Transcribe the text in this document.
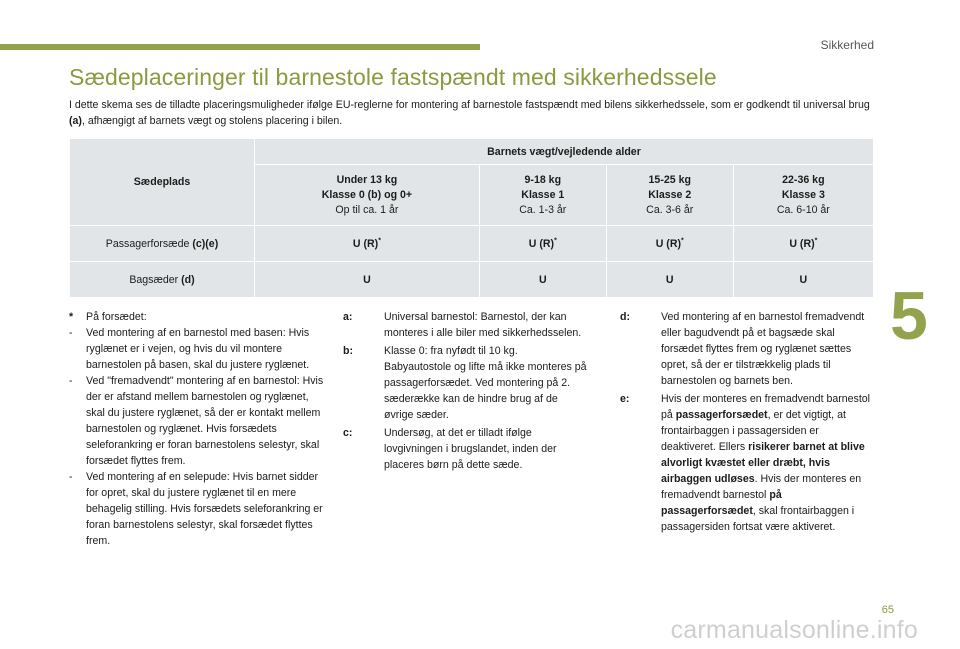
Sikkerhed
Sædeplaceringer til barnestole fastspændt med sikkerhedssele

I dette skema ses de tilladte placeringsmuligheder ifølge EU-reglerne for montering af barnestole fastspændt med bilens sikkerhedssele, som er godkendt til universal brug (a), afhængigt af barnets vægt og stolens placering i bilen.

Sædeplads	Barnets vægt/vejledende alder			
	Under 13 kg
Klasse 0 (b) og 0+
Op til ca. 1 år	9-18 kg
Klasse 1
Ca. 1-3 år	15-25 kg
Klasse 2
Ca. 3-6 år	22-36 kg
Klasse 3
Ca. 6-10 år
Passagerforsæde (c)(e)	U (R)*	U (R)*	U (R)*	U (R)*
Bagsæder (d)	U	U	U	U
* På forsædet:
- Ved montering af en barnestol med basen: Hvis ryglænet er i vejen, og hvis du vil montere barnestolen på basen, skal du justere ryglænet.
- Ved "fremadvendt" montering af en barnestol: Hvis der er afstand mellem barnestolen og ryglænet, skal du justere ryglænet, så der er kontakt mellem barnestolen og ryglænet. Hvis forsædets seleforankring er foran barnestolens selestyr, skal forsædet flyttes frem.
- Ved montering af en selepude: Hvis barnet sidder for opret, skal du justere ryglænet til en mere behagelig stilling. Hvis forsædets seleforankring er foran barnestolens selestyr, skal forsædet flyttes frem.
a:	Universal barnestol: Barnestol, der kan monteres i alle biler med sikkerhedsselen.
b:	Klasse 0: fra nyfødt til 10 kg. Babyautostole og lifte må ikke monteres på passagerforsædet. Ved montering på 2. sæderække kan de hindre brug af de øvrige sæder.
c:	Undersøg, at det er tilladt ifølge lovgivningen i brugslandet, inden der placeres børn på dette sæde.
d:	Ved montering af en barnestol fremadvendt eller bagudvendt på et bagsæde skal forsædet flyttes frem og ryglænet sættes opret, så der er tilstrækkelig plads til barnestolen og barnets ben.
e:	Hvis der monteres en fremadvendt barnestol på passagerforsædet, er det vigtigt, at frontairbaggen i passagersiden er deaktiveret. Ellers risikerer barnet at blive alvorligt kvæstet eller dræbt, hvis airbaggen udløses. Hvis der monteres en fremadvendt barnestol på passagerforsædet, skal frontairbaggen i passagersiden fortsat være aktiveret.
5
65
carmanualsonline.info
